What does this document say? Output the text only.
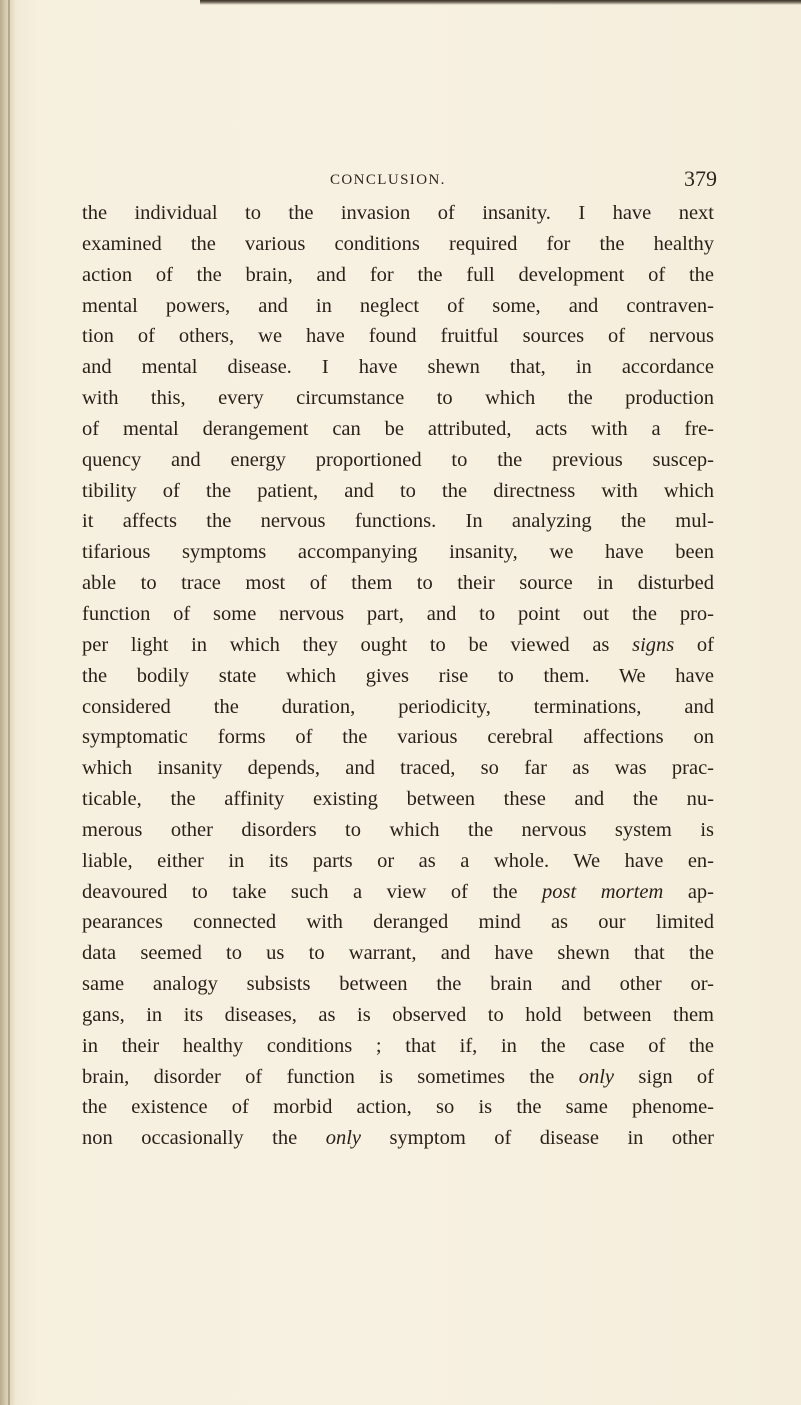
CONCLUSION.	379
the individual to the invasion of insanity. I have next
examined the various conditions required for the healthy
action of the brain, and for the full development of the
mental powers, and in neglect of some, and contraven-
tion of others, we have found fruitful sources of nervous
and mental disease. I have shewn that, in accordance
with this, every circumstance to which the production
of mental derangement can be attributed, acts with a fre-
quency and energy proportioned to the previous suscep-
tibility of the patient, and to the directness with which
it affects the nervous functions. In analyzing the mul-
tifarious symptoms accompanying insanity, we have been
able to trace most of them to their source in disturbed
function of some nervous part, and to point out the pro-
per light in which they ought to be viewed as signs of
the bodily state which gives rise to them. We have
considered the duration, periodicity, terminations, and
symptomatic forms of the various cerebral affections on
which insanity depends, and traced, so far as was prac-
ticable, the affinity existing between these and the nu-
merous other disorders to which the nervous system is
liable, either in its parts or as a whole. We have en-
deavoured to take such a view of the post mortem ap-
pearances connected with deranged mind as our limited
data seemed to us to warrant, and have shewn that the
same analogy subsists between the brain and other or-
gans, in its diseases, as is observed to hold between them
in their healthy conditions ; that if, in the case of the
brain, disorder of function is sometimes the only sign of
the existence of morbid action, so is the same phenome-
non occasionally the only symptom of disease in other
